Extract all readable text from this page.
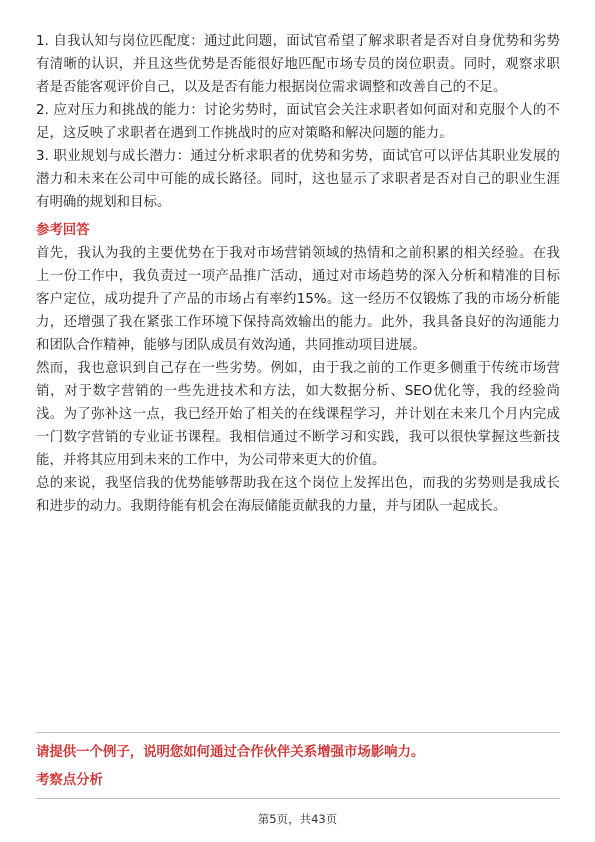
1. 自我认知与岗位匹配度：通过此问题，面试官希望了解求职者是否对自身优势和劣势有清晰的认识，并且这些优势是否能很好地匹配市场专员的岗位职责。同时，观察求职者是否能客观评价自己，以及是否有能力根据岗位需求调整和改善自己的不足。

2. 应对压力和挑战的能力：讨论劣势时，面试官会关注求职者如何面对和克服个人的不足，这反映了求职者在遇到工作挑战时的应对策略和解决问题的能力。

3. 职业规划与成长潜力：通过分析求职者的优势和劣势，面试官可以评估其职业发展的潜力和未来在公司中可能的成长路径。同时，这也显示了求职者是否对自己的职业生涯有明确的规划和目标。

参考回答

首先，我认为我的主要优势在于我对市场营销领域的热情和之前积累的相关经验。在我上一份工作中，我负责过一项产品推广活动，通过对市场趋势的深入分析和精准的目标客户定位，成功提升了产品的市场占有率约15%。这一经历不仅锻炼了我的市场分析能力，还增强了我在紧张工作环境下保持高效输出的能力。此外，我具备良好的沟通能力和团队合作精神，能够与团队成员有效沟通，共同推动项目进展。

然而，我也意识到自己存在一些劣势。例如，由于我之前的工作更多侧重于传统市场营销，对于数字营销的一些先进技术和方法，如大数据分析、SEO优化等，我的经验尚浅。为了弥补这一点，我已经开始了相关的在线课程学习，并计划在未来几个月内完成一门数字营销的专业证书课程。我相信通过不断学习和实践，我可以很快掌握这些新技能，并将其应用到未来的工作中，为公司带来更大的价值。

总的来说，我坚信我的优势能够帮助我在这个岗位上发挥出色，而我的劣势则是我成长和进步的动力。我期待能有机会在海辰储能贡献我的力量，并与团队一起成长。

请提供一个例子，说明您如何通过合作伙伴关系增强市场影响力。

考察点分析

第5页，共43页
